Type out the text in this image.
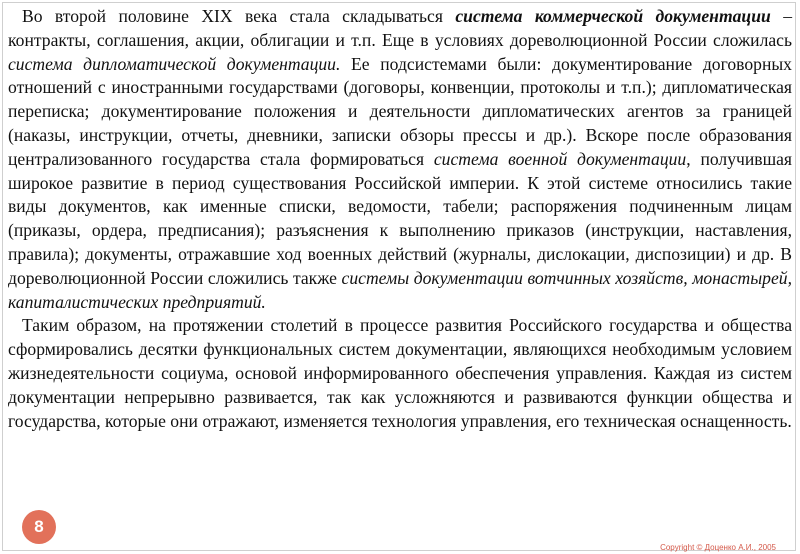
Во второй половине XIX века стала складываться система коммерческой документации – контракты, соглашения, акции, облигации и т.п. Еще в условиях дореволюционной России сложилась система дипломатической документации. Ее подсистемами были: документирование договорных отношений с иностранными государствами (договоры, конвенции, протоколы и т.п.); дипломатическая переписка; документирование положения и деятельности дипломатических агентов за границей (наказы, инструкции, отчеты, дневники, записки обзоры прессы и др.). Вскоре после образования централизованного государства стала формироваться система военной документации, получившая широкое развитие в период существования Российской империи. К этой системе относились такие виды документов, как именные списки, ведомости, табели; распоряжения подчиненным лицам (приказы, ордера, предписания); разъяснения к выполнению приказов (инструкции, наставления, правила); документы, отражавшие ход военных действий (журналы, дислокации, диспозиции) и др. В дореволюционной России сложились также системы документации вотчинных хозяйств, монастырей, капиталистических предприятий.

Таким образом, на протяжении столетий в процессе развития Российского государства и общества сформировались десятки функциональных систем документации, являющихся необходимым условием жизнедеятельности социума, основой информированного обеспечения управления. Каждая из систем документации непрерывно развивается, так как усложняются и развиваются функции общества и государства, которые они отражают, изменяется технология управления, его техническая оснащенность.

8
Copyright © Доценко А.И., 2005
